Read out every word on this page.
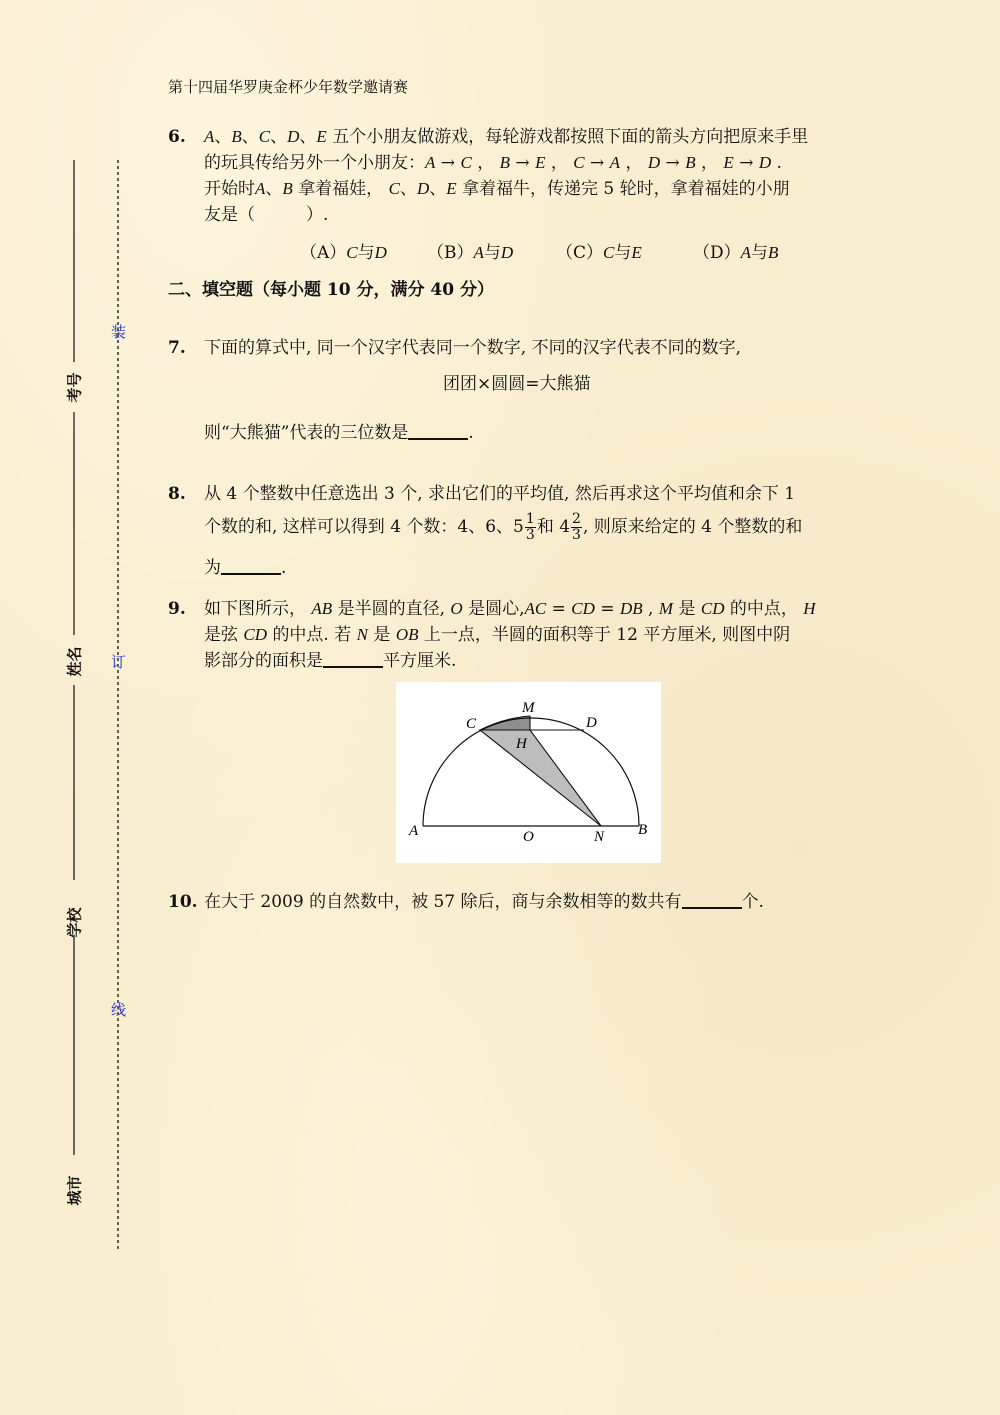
第十四届华罗庚金杯少年数学邀请赛
装
订
线
考号
姓名
学校
城市
6. A、B、C、D、E 五个小朋友做游戏，每轮游戏都按照下面的箭头方向把原来手里
的玩具传给另外一个小朋友：A → C ， B → E ， C → A ， D → B ， E → D .
开始时A、B 拿着福娃， C、D、E 拿着福牛，传递完 5 轮时，拿着福娃的小朋
友是（　　　）.
（A）C与D （B）A与D	（C）C与E	（D）A与B
二、填空题（每小题 10 分，满分 40 分）
7. 下面的算式中, 同一个汉字代表同一个数字, 不同的汉字代表不同的数字,
团团×圆圆=大熊猫
则“大熊猫”代表的三位数是	.
8. 从 4 个整数中任意选出 3 个, 求出它们的平均值, 然后再求这个平均值和余下 1
个数的和, 这样可以得到 4 个数：4、6、$5 \frac{1}{3}$ 和 $4 \frac{2}{3}$ , 则原来给定的 4 个整数的和
为	.
9. 如下图所示， AB 是半圆的直径, O 是圆心,AC = CD = DB , M 是 CD 的中点， H
是弦 CD 的中点. 若 N 是 OB 上一点，半圆的面积等于 12 平方厘米, 则图中阴
影部分的面积是	平方厘米.
A	O	N B
C
M
D
H
10. 在大于 2009 的自然数中，被 57 除后，商与余数相等的数共有	个.
